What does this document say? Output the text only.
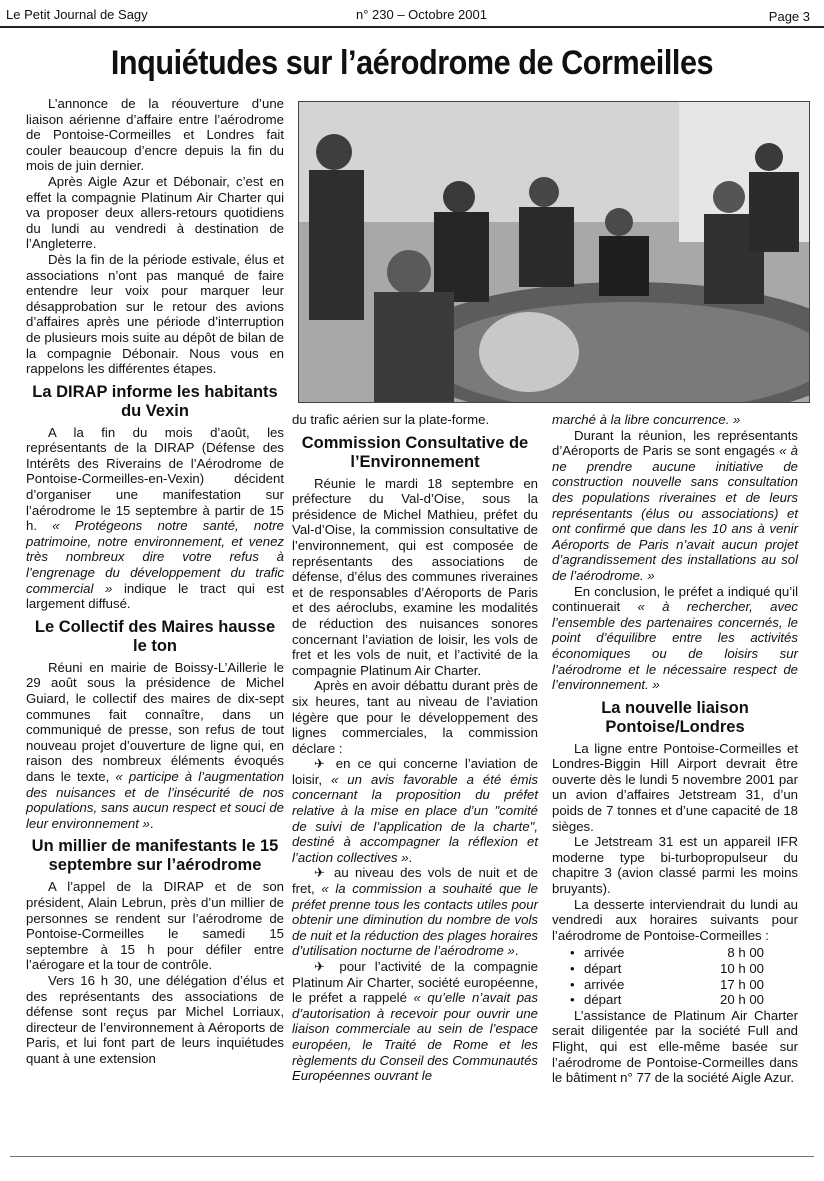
Le Petit Journal de Sagy	n° 230 – Octobre 2001	Page 3
Inquiétudes sur l’aérodrome de Cormeilles

L’annonce de la réouverture d’une liaison aérienne d’affaire entre l’aérodrome de Pontoise-Cormeilles et Londres fait couler beaucoup d’encre depuis la fin du mois de juin dernier.

Après Aigle Azur et Débonair, c’est en effet la compagnie Platinum Air Charter qui va proposer deux allers-retours quotidiens du lundi au vendredi à destination de l’Angleterre.

Dès la fin de la période estivale, élus et associations n’ont pas manqué de faire entendre leur voix pour marquer leur désapprobation sur le retour des avions d’affaires après une période d’interruption de plusieurs mois suite au dépôt de bilan de la compagnie Débonair. Nous vous en rappelons les différentes étapes.

La DIRAP informe les habitants du Vexin

A la fin du mois d’août, les représentants de la DIRAP (Défense des Intérêts des Riverains de l’Aérodrome de Pontoise-Cormeilles-en-Vexin) décident d’organiser une manifestation sur l’aérodrome le 15 septembre à partir de 15 h. « Protégeons notre santé, notre patrimoine, notre environnement, et venez très nombreux dire votre refus à l’engrenage du développement du trafic commercial » indique le tract qui est largement diffusé.

Le Collectif des Maires hausse le ton

Réuni en mairie de Boissy-L’Aillerie le 29 août sous la présidence de Michel Guiard, le collectif des maires de dix-sept communes fait connaître, dans un communiqué de presse, son refus de tout nouveau projet d’ouverture de ligne qui, en raison des nombreux éléments évoqués dans le texte, « participe à l’augmentation des nuisances et de l’insécurité de nos populations, sans aucun respect et souci de leur environnement ».

Un millier de manifestants le 15 septembre sur l’aérodrome

A l’appel de la DIRAP et de son président, Alain Lebrun, près d’un millier de personnes se rendent sur l’aérodrome de Pontoise-Cormeilles le samedi 15 septembre à 15 h pour défiler entre l’aérogare et la tour de contrôle.

Vers 16 h 30, une délégation d’élus et des représentants des associations de défense sont reçus par Michel Lorriaux, directeur de l’environnement à Aéroports de Paris, et lui font part de leurs inquiétudes quant à une extension

du trafic aérien sur la plate-forme.

Commission Consultative de l’Environnement

Réunie le mardi 18 septembre en préfecture du Val-d’Oise, sous la présidence de Michel Mathieu, préfet du Val-d’Oise, la commission consultative de l’environnement, qui est composée de représentants des associations de défense, d’élus des communes riveraines et de responsables d’Aéroports de Paris et des aéroclubs, examine les modalités de réduction des nuisances sonores concernant l’aviation de loisir, les vols de fret et les vols de nuit, et l’activité de la compagnie Platinum Air Charter.

Après en avoir débattu durant près de six heures, tant au niveau de l’aviation légère que pour le développement des lignes commerciales, la commission déclare :

✈ en ce qui concerne l’aviation de loisir, « un avis favorable a été émis concernant la proposition du préfet relative à la mise en place d’un "comité de suivi de l’application de la charte", destiné à accompagner la réflexion et l’action collectives ».

✈ au niveau des vols de nuit et de fret, « la commission a souhaité que le préfet prenne tous les contacts utiles pour obtenir une diminution du nombre de vols de nuit et la réduction des plages horaires d’utilisation nocturne de l’aérodrome ».

✈ pour l’activité de la compagnie Platinum Air Charter, société européenne, le préfet a rappelé « qu’elle n’avait pas d’autorisation à recevoir pour ouvrir une liaison commerciale au sein de l’espace européen, le Traité de Rome et les règlements du Conseil des Communautés Européennes ouvrant le

marché à la libre concurrence. »

Durant la réunion, les représentants d’Aéroports de Paris se sont engagés « à ne prendre aucune initiative de construction nouvelle sans consultation des populations riveraines et de leurs représentants (élus ou associations) et ont confirmé que dans les 10 ans à venir Aéroports de Paris n’avait aucun projet d’agrandissement des installations au sol de l’aérodrome. »

En conclusion, le préfet a indiqué qu’il continuerait « à rechercher, avec l’ensemble des partenaires concernés, le point d’équilibre entre les activités économiques ou de loisirs sur l’aérodrome et le nécessaire respect de l’environnement. »

La nouvelle liaison Pontoise/Londres

La ligne entre Pontoise-Cormeilles et Londres-Biggin Hill Airport devrait être ouverte dès le lundi 5 novembre 2001 par un avion d’affaires Jetstream 31, d’un poids de 7 tonnes et d’une capacité de 18 sièges.

Le Jetstream 31 est un appareil IFR moderne type bi-turbopropulseur du chapitre 3 (avion classé parmi les moins bruyants).

La desserte interviendrait du lundi au vendredi aux horaires suivants pour l’aérodrome de Pontoise-Cormeilles :

• arrivée	8 h 00
• départ	10 h 00
• arrivée	17 h 00
• départ	20 h 00

L’assistance de Platinum Air Charter serait diligentée par la société Full and Flight, qui est elle-même basée sur l’aérodrome de Pontoise-Cormeilles dans le bâtiment n° 77 de la société Aigle Azur.
